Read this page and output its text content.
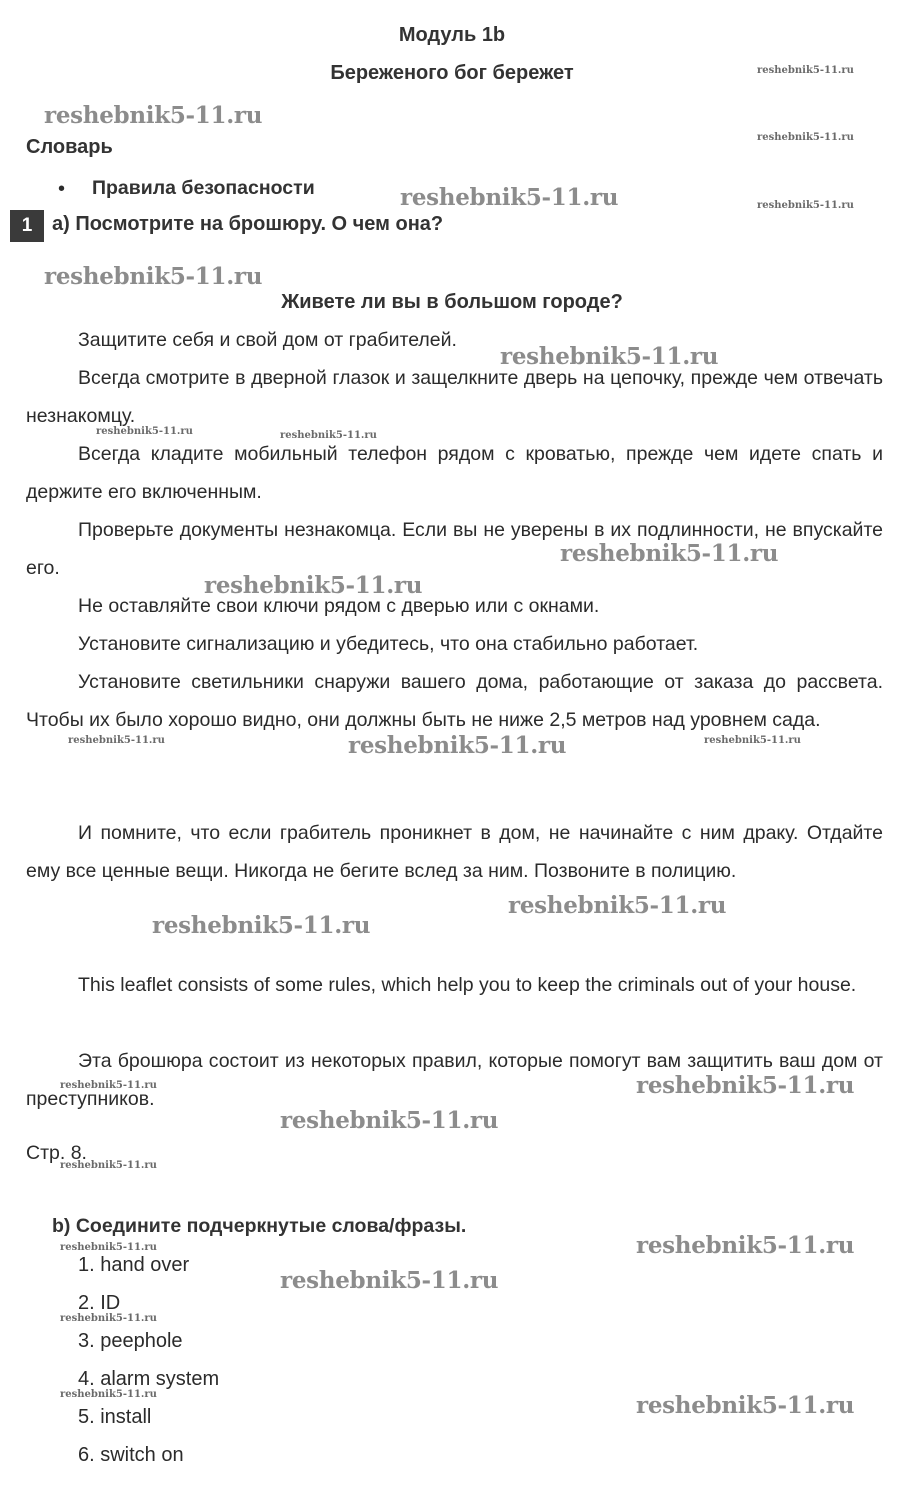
Модуль 1b
Береженого бог бережет
Словарь
• Правила безопасности
1 a) Посмотрите на брошюру. О чем она?
Живете ли вы в большом городе?

Защитите себя и свой дом от грабителей.

Всегда смотрите в дверной глазок и защелкните дверь на цепочку, прежде чем отвечать незнакомцу.

Всегда кладите мобильный телефон рядом с кроватью, прежде чем идете спать и держите его включенным.

Проверьте документы незнакомца. Если вы не уверены в их подлинности, не впускайте его.

Не оставляйте свои ключи рядом с дверью или с окнами.

Установите сигнализацию и убедитесь, что она стабильно работает.

Установите светильники снаружи вашего дома, работающие от заказа до рассвета. Чтобы их было хорошо видно, они должны быть не ниже 2,5 метров над уровнем сада.

И помните, что если грабитель проникнет в дом, не начинайте с ним драку. Отдайте ему все ценные вещи. Никогда не бегите вслед за ним. Позвоните в полицию.

This leaflet consists of some rules, which help you to keep the criminals out of your house.

Эта брошюра состоит из некоторых правил, которые помогут вам защитить ваш дом от преступников.

Стр. 8.
b) Соедините подчеркнутые слова/фразы.
1. hand over
2. ID
3. peephole
4. alarm system
5. install
6. switch on
reshebnik5-11.ru
reshebnik5-11.ru
reshebnik5-11.ru
reshebnik5-11.ru
reshebnik5-11.ru
reshebnik5-11.ru
reshebnik5-11.ru
reshebnik5-11.ru
reshebnik5-11.ru
reshebnik5-11.ru
reshebnik5-11.ru
reshebnik5-11.ru
reshebnik5-11.ru
reshebnik5-11.ru
reshebnik5-11.ru
reshebnik5-11.ru
reshebnik5-11.ru
reshebnik5-11.ru	reshebnik5-11.ru
reshebnik5-11.ru	reshebnik5-11.ru
reshebnik5-11.ru
reshebnik5-11.ru
reshebnik5-11.ru
reshebnik5-11.ru
reshebnik5-11.ru
